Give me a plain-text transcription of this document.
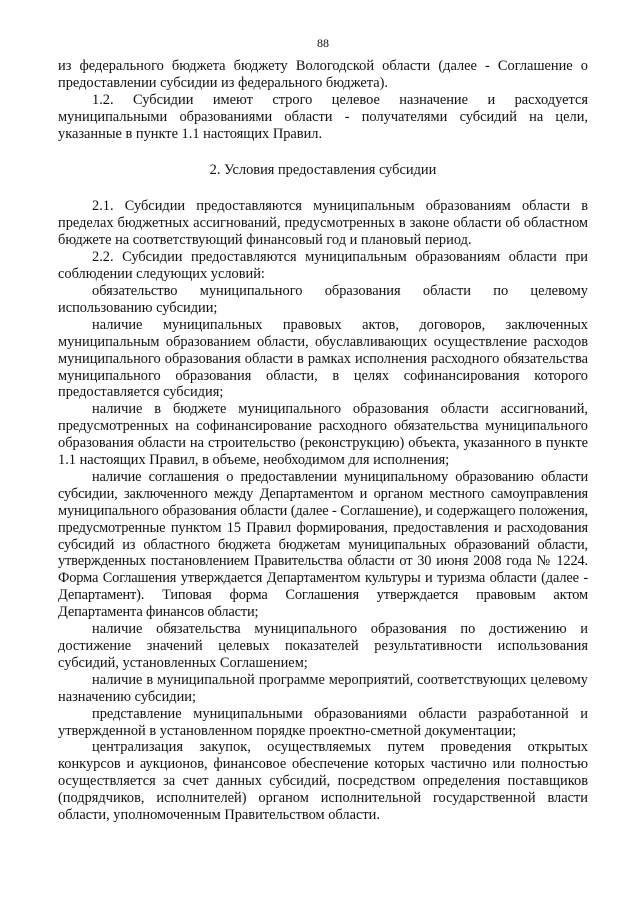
88

из федерального бюджета бюджету Вологодской области (далее - Соглашение о предоставлении субсидии из федерального бюджета).

1.2. Субсидии имеют строго целевое назначение и расходуется муниципальными образованиями области - получателями субсидий на цели, указанные в пункте 1.1 настоящих Правил.

2. Условия предоставления субсидии

2.1. Субсидии предоставляются муниципальным образованиям области в пределах бюджетных ассигнований, предусмотренных в законе области об областном бюджете на соответствующий финансовый год и плановый период.

2.2. Субсидии предоставляются муниципальным образованиям области при соблюдении следующих условий:

обязательство муниципального образования области по целевому использованию субсидии;

наличие муниципальных правовых актов, договоров, заключенных муниципальным образованием области, обуславливающих осуществление расходов муниципального образования области в рамках исполнения расходного обязательства муниципального образования области, в целях софинансирования которого предоставляется субсидия;

наличие в бюджете муниципального образования области ассигнований, предусмотренных на софинансирование расходного обязательства муниципального образования области на строительство (реконструкцию) объекта, указанного в пункте 1.1 настоящих Правил, в объеме, необходимом для исполнения;

наличие соглашения о предоставлении муниципальному образованию области субсидии, заключенного между Департаментом и органом местного самоуправления муниципального образования области (далее - Соглашение), и содержащего положения, предусмотренные пунктом 15 Правил формирования, предоставления и расходования субсидий из областного бюджета бюджетам муниципальных образований области, утвержденных постановлением Правительства области от 30 июня 2008 года № 1224. Форма Соглашения утверждается Департаментом культуры и туризма области (далее - Департамент). Типовая форма Соглашения утверждается правовым актом Департамента финансов области;

наличие обязательства муниципального образования по достижению и достижение значений целевых показателей результативности использования субсидий, установленных Соглашением;

наличие в муниципальной программе мероприятий, соответствующих целевому назначению субсидии;

представление муниципальными образованиями области разработанной и утвержденной в установленном порядке проектно-сметной документации;

централизация закупок, осуществляемых путем проведения открытых конкурсов и аукционов, финансовое обеспечение которых частично или полностью осуществляется за счет данных субсидий, посредством определения поставщиков (подрядчиков, исполнителей) органом исполнительной государственной власти области, уполномоченным Правительством области.
